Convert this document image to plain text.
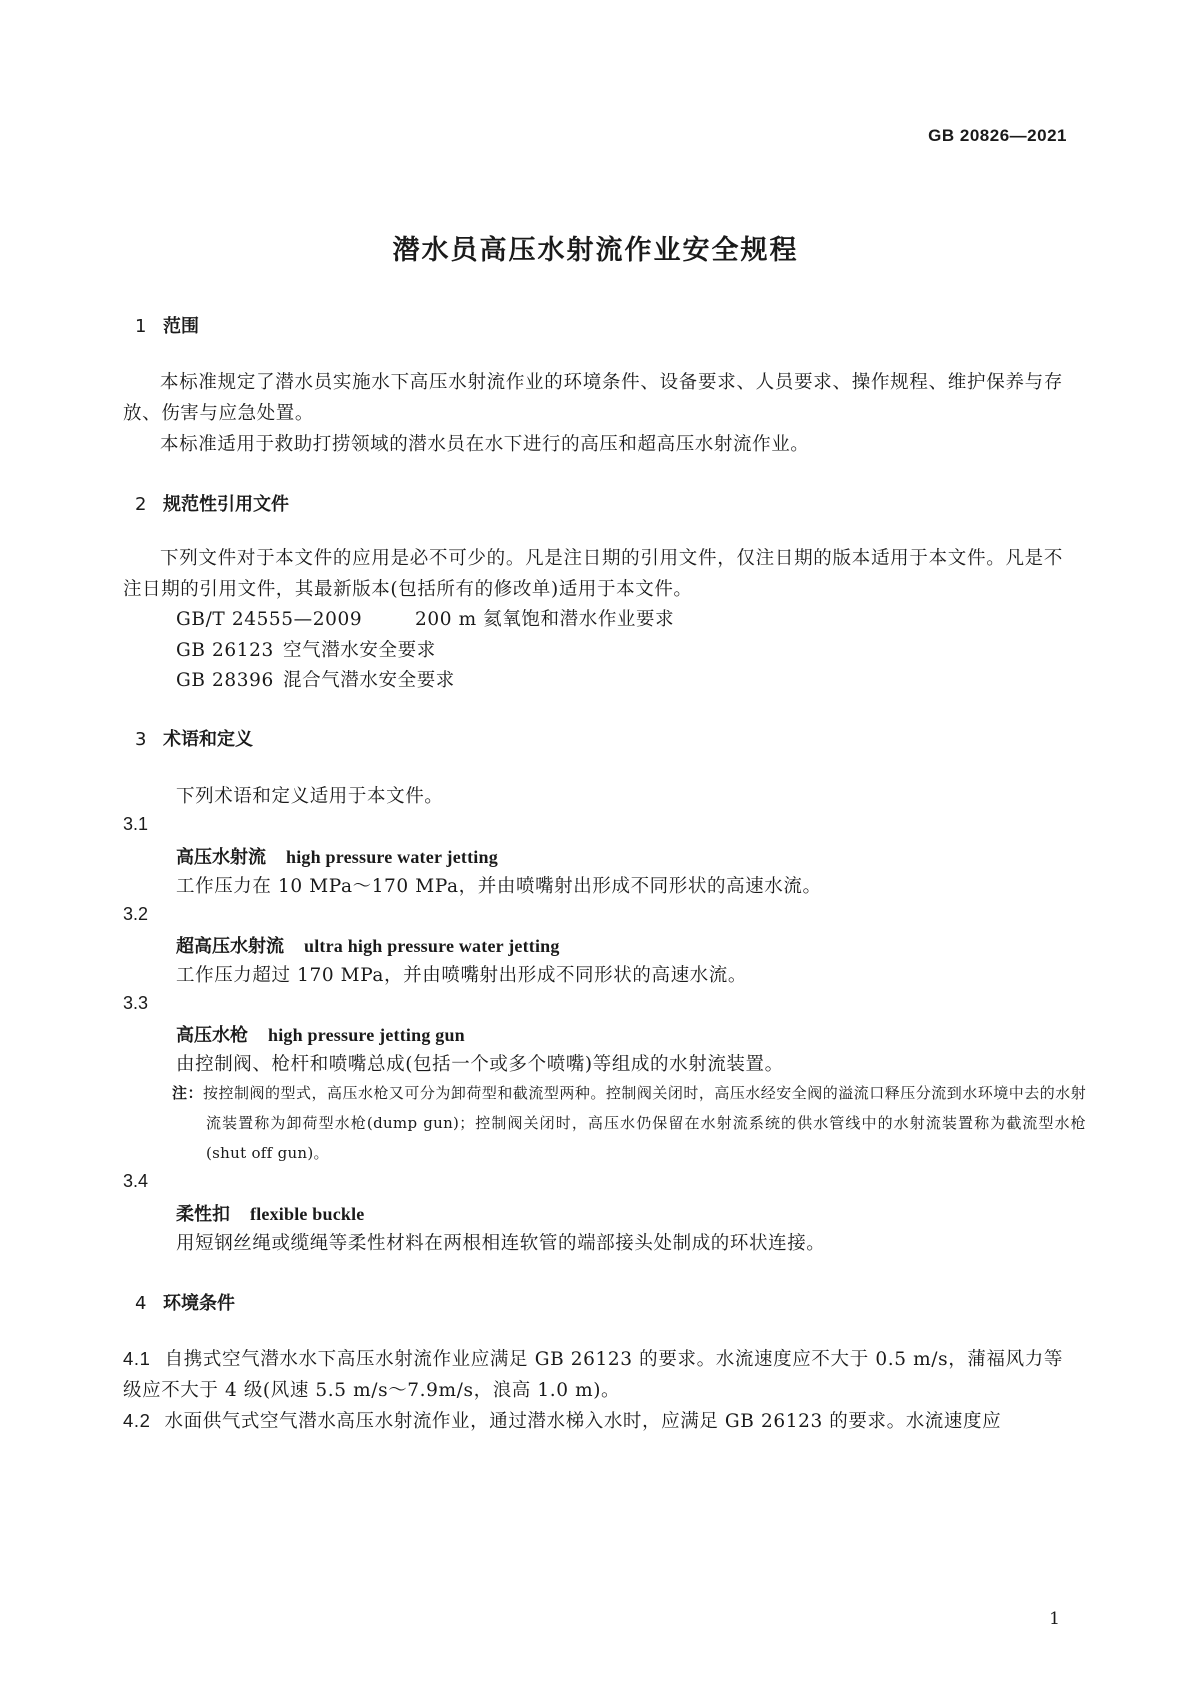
GB 20826—2021
潜水员高压水射流作业安全规程
1 范围
本标准规定了潜水员实施水下高压水射流作业的环境条件、设备要求、人员要求、操作规程、维护保养与存放、伤害与应急处置。
本标准适用于救助打捞领域的潜水员在水下进行的高压和超高压水射流作业。
2 规范性引用文件
下列文件对于本文件的应用是必不可少的。凡是注日期的引用文件，仅注日期的版本适用于本文件。凡是不注日期的引用文件，其最新版本(包括所有的修改单)适用于本文件。
GB/T 24555—2009	200 m 氦氧饱和潜水作业要求
GB 26123 空气潜水安全要求
GB 28396 混合气潜水安全要求
3 术语和定义
下列术语和定义适用于本文件。
3.1
高压水射流 high pressure water jetting
工作压力在 10 MPa～170 MPa，并由喷嘴射出形成不同形状的高速水流。
3.2
超高压水射流 ultra high pressure water jetting
工作压力超过 170 MPa，并由喷嘴射出形成不同形状的高速水流。
3.3
高压水枪 high pressure jetting gun
由控制阀、枪杆和喷嘴总成(包括一个或多个喷嘴)等组成的水射流装置。
注：按控制阀的型式，高压水枪又可分为卸荷型和截流型两种。控制阀关闭时，高压水经安全阀的溢流口释压分流到水环境中去的水射流装置称为卸荷型水枪(dump gun)；控制阀关闭时，高压水仍保留在水射流系统的供水管线中的水射流装置称为截流型水枪(shut off gun)。
3.4
柔性扣 flexible buckle
用短钢丝绳或缆绳等柔性材料在两根相连软管的端部接头处制成的环状连接。
4 环境条件
4.1 自携式空气潜水水下高压水射流作业应满足 GB 26123 的要求。水流速度应不大于 0.5 m/s，蒲福风力等级应不大于 4 级(风速 5.5 m/s～7.9m/s，浪高 1.0 m)。
4.2 水面供气式空气潜水高压水射流作业，通过潜水梯入水时，应满足 GB 26123 的要求。水流速度应
1
